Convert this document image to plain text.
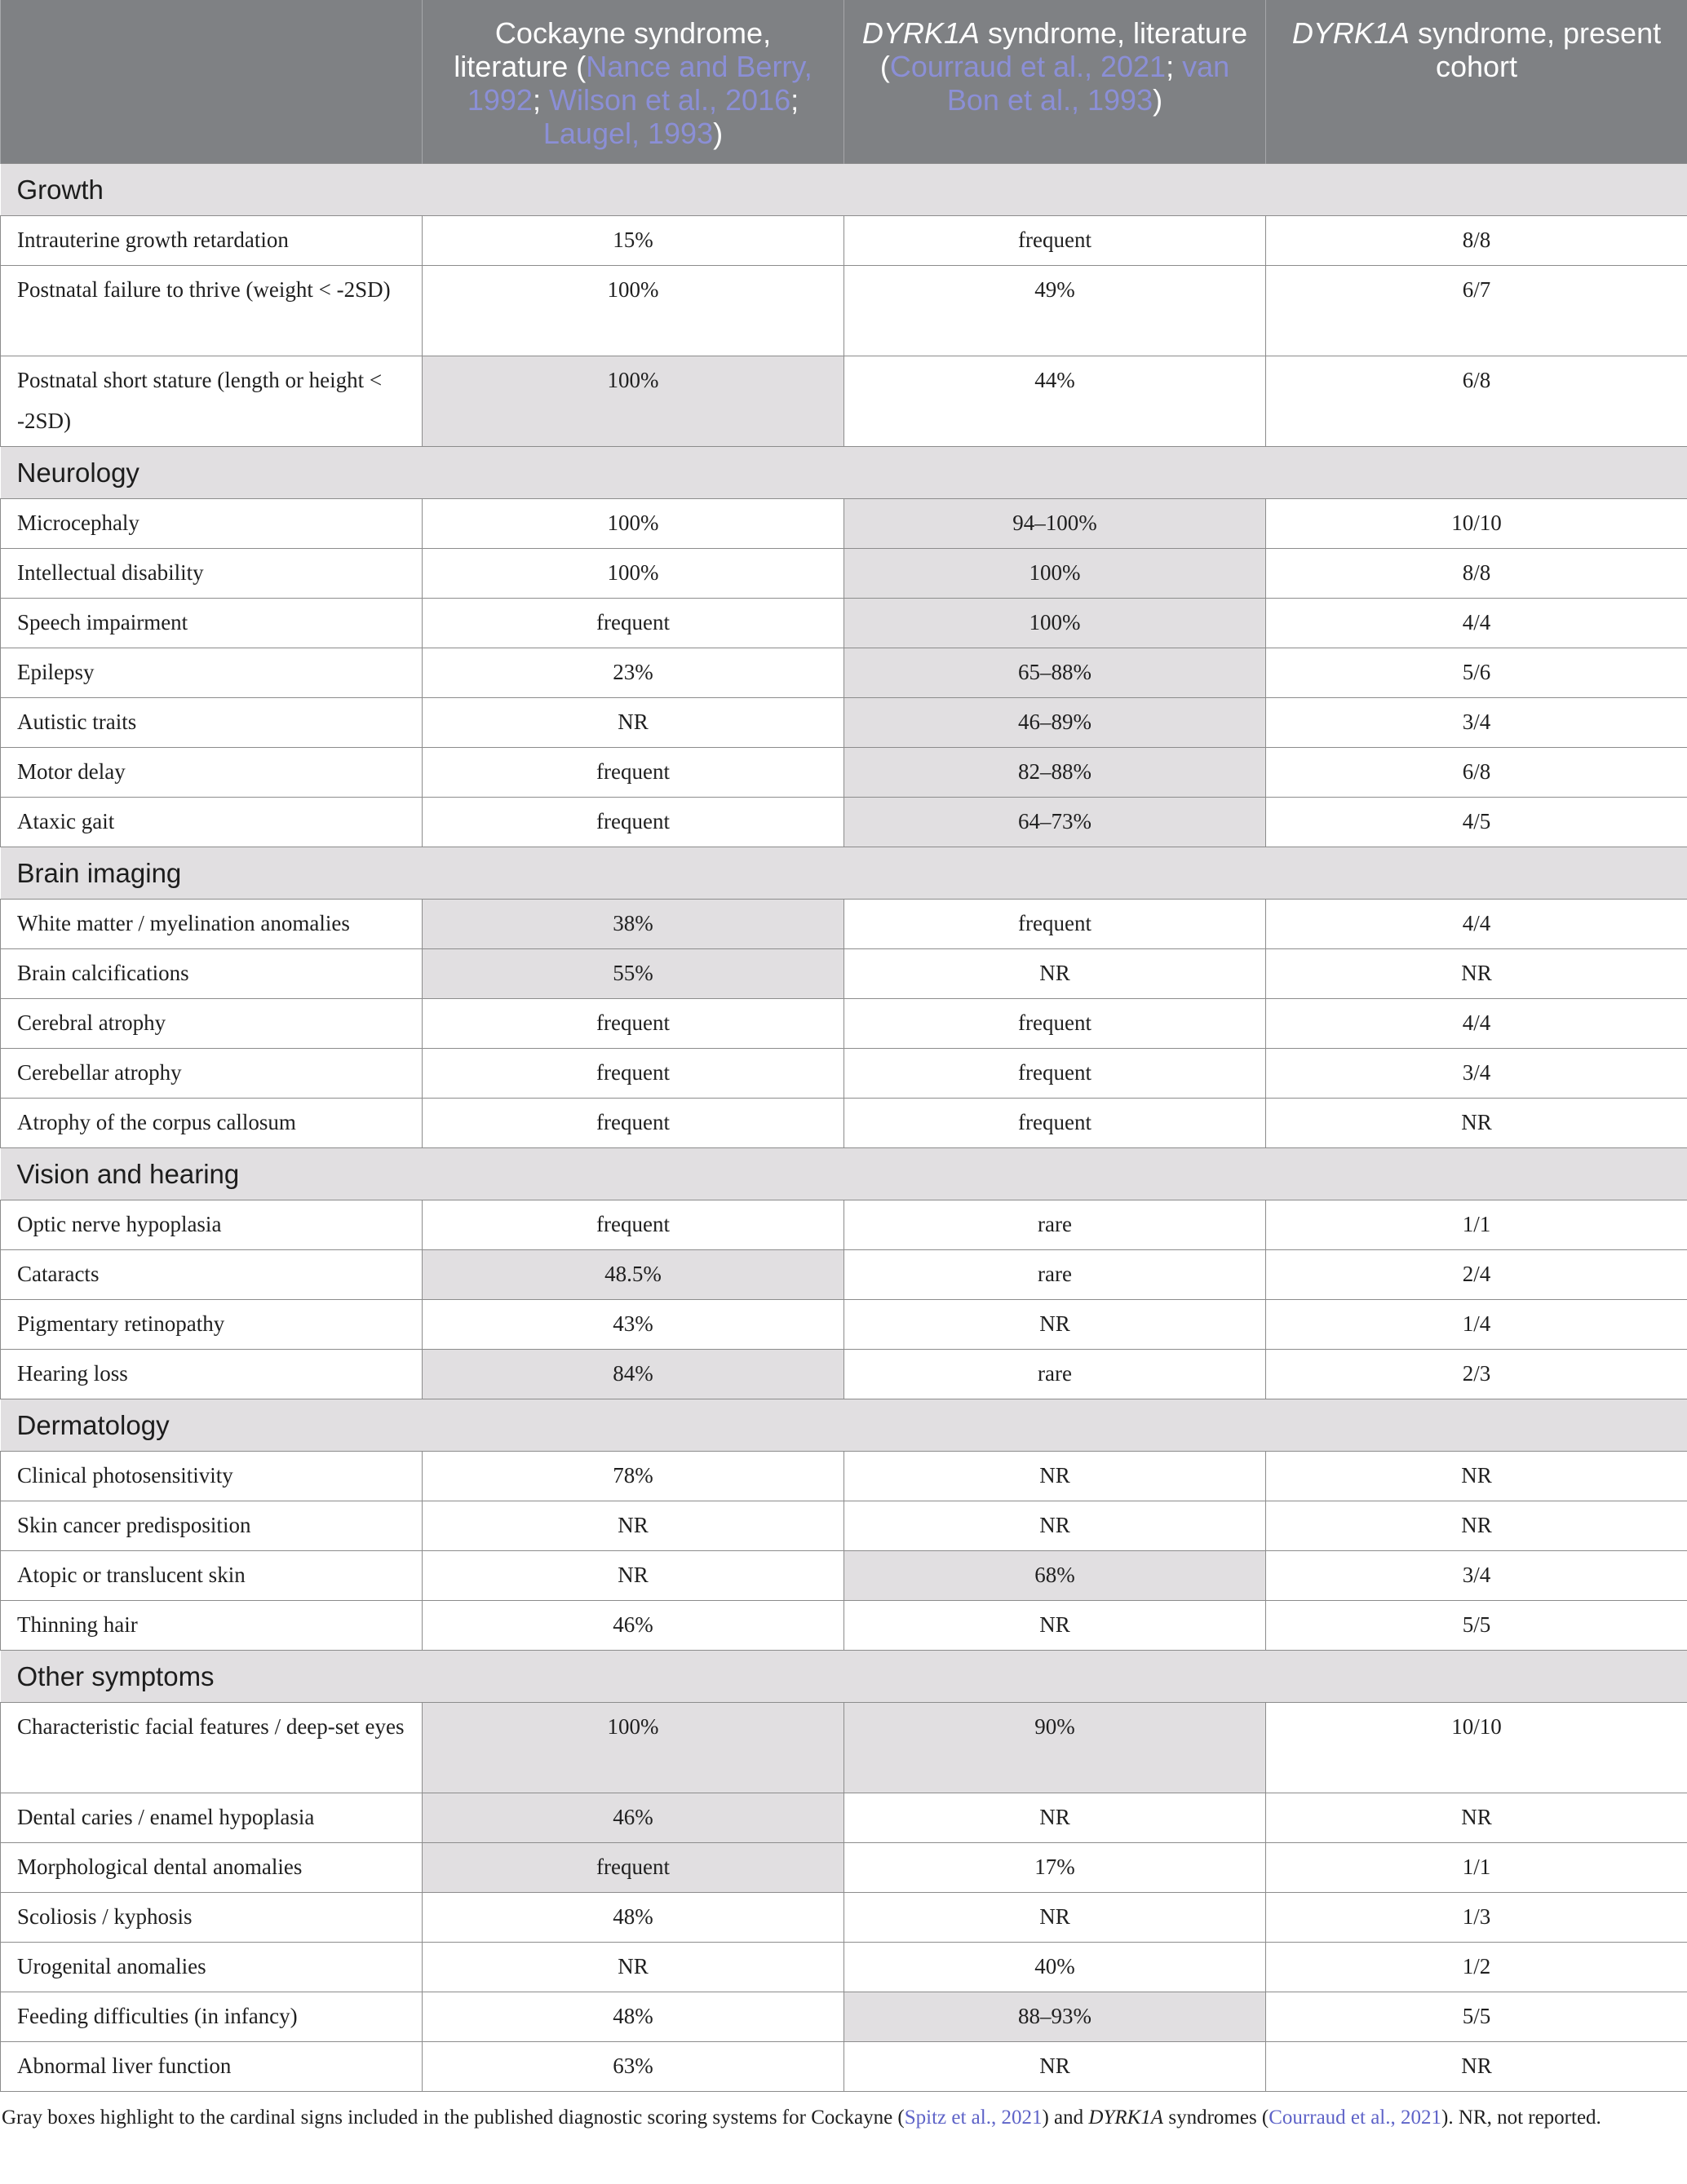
	Cockayne syndrome, literature (Nance and Berry, 1992; Wilson et al., 2016; Laugel, 1993)	DYRK1A syndrome, literature (Courraud et al., 2021; van Bon et al., 1993)	DYRK1A syndrome, present cohort
Growth			
Intrauterine growth retardation	15%	frequent	8/8
Postnatal failure to thrive (weight < -2SD)	100%	49%	6/7
Postnatal short stature (length or height < -2SD)	100%	44%	6/8
Neurology			
Microcephaly	100%	94–100%	10/10
Intellectual disability	100%	100%	8/8
Speech impairment	frequent	100%	4/4
Epilepsy	23%	65–88%	5/6
Autistic traits	NR	46–89%	3/4
Motor delay	frequent	82–88%	6/8
Ataxic gait	frequent	64–73%	4/5
Brain imaging			
White matter / myelination anomalies	38%	frequent	4/4
Brain calcifications	55%	NR	NR
Cerebral atrophy	frequent	frequent	4/4
Cerebellar atrophy	frequent	frequent	3/4
Atrophy of the corpus callosum	frequent	frequent	NR
Vision and hearing			
Optic nerve hypoplasia	frequent	rare	1/1
Cataracts	48.5%	rare	2/4
Pigmentary retinopathy	43%	NR	1/4
Hearing loss	84%	rare	2/3
Dermatology			
Clinical photosensitivity	78%	NR	NR
Skin cancer predisposition	NR	NR	NR
Atopic or translucent skin	NR	68%	3/4
Thinning hair	46%	NR	5/5
Other symptoms			
Characteristic facial features / deep-set eyes	100%	90%	10/10
Dental caries / enamel hypoplasia	46%	NR	NR
Morphological dental anomalies	frequent	17%	1/1
Scoliosis / kyphosis	48%	NR	1/3
Urogenital anomalies	NR	40%	1/2
Feeding difficulties (in infancy)	48%	88–93%	5/5
Abnormal liver function	63%	NR	NR
Gray boxes highlight to the cardinal signs included in the published diagnostic scoring systems for Cockayne (Spitz et al., 2021) and DYRK1A syndromes (Courraud et al., 2021). NR, not reported.
